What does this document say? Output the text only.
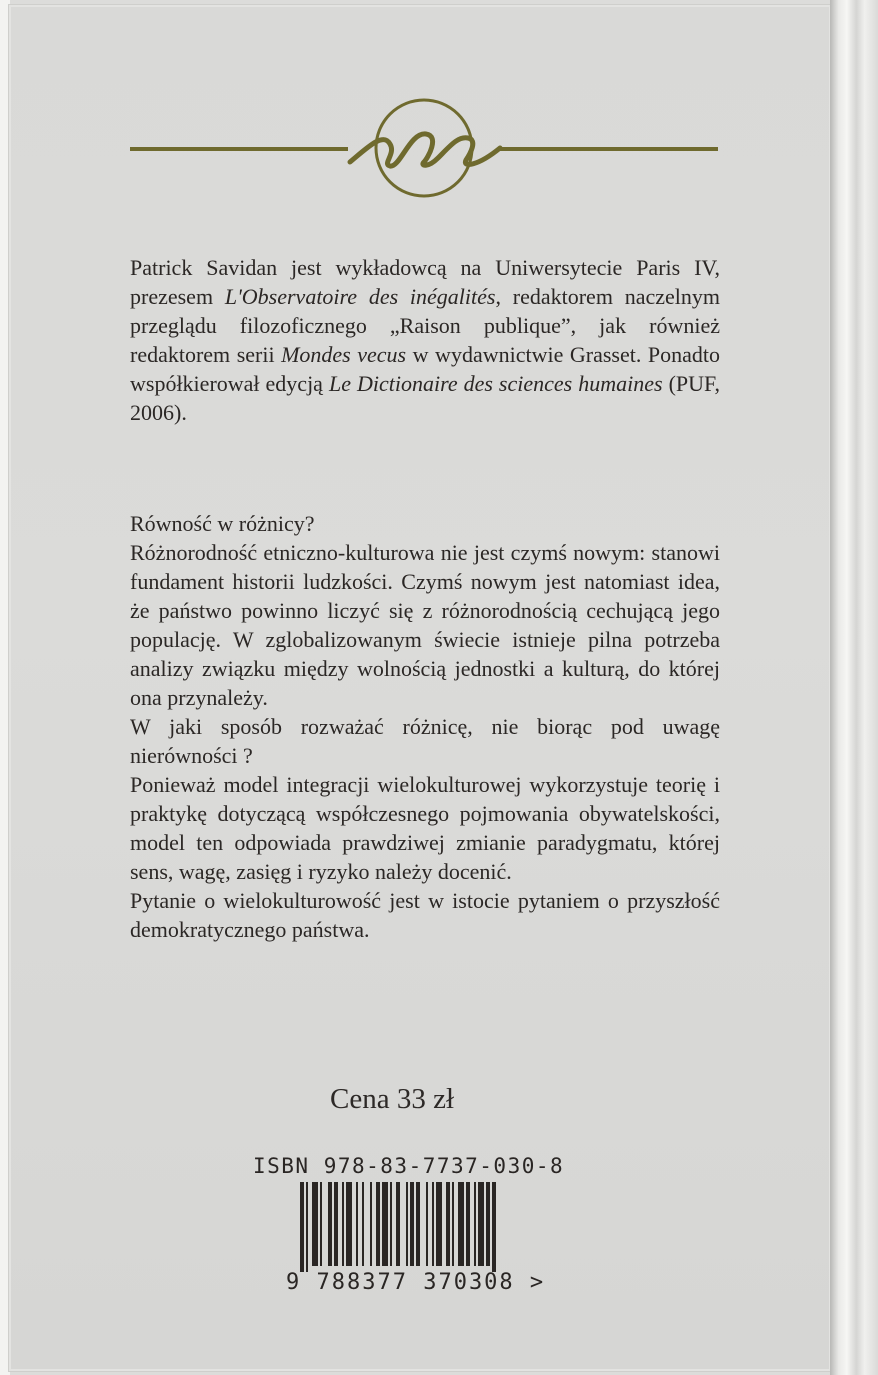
Patrick Savidan jest wykładowcą na Uniwersytecie Paris IV, prezesem L'Observatoire des inégalités, redaktorem naczelnym przeglądu filozoficznego „Raison publique”, jak również redaktorem serii Mondes vecus w wydawnictwie Grasset. Ponadto współkierował edycją Le Dictionaire des sciences humaines (PUF, 2006).

Równość w różnicy?

Różnorodność etniczno-kulturowa nie jest czymś nowym: stanowi fundament historii ludzkości. Czymś nowym jest natomiast idea, że państwo powinno liczyć się z różnorodnością cechującą jego populację. W zglobalizowanym świecie istnieje pilna potrzeba analizy związku między wolnością jednostki a kulturą, do której ona przynależy.

W jaki sposób rozważać różnicę, nie biorąc pod uwagę nierówności ?

Ponieważ model integracji wielokulturowej wykorzystuje teorię i praktykę dotyczącą współczesnego pojmowania obywatelskości, model ten odpowiada prawdziwej zmianie paradygmatu, której sens, wagę, zasięg i ryzyko należy docenić.

Pytanie o wielokulturowość jest w istocie pytaniem o przyszłość demokratycznego państwa.

Cena 33 zł
ISBN 978-83-7737-030-8
9 788377 370308 >
